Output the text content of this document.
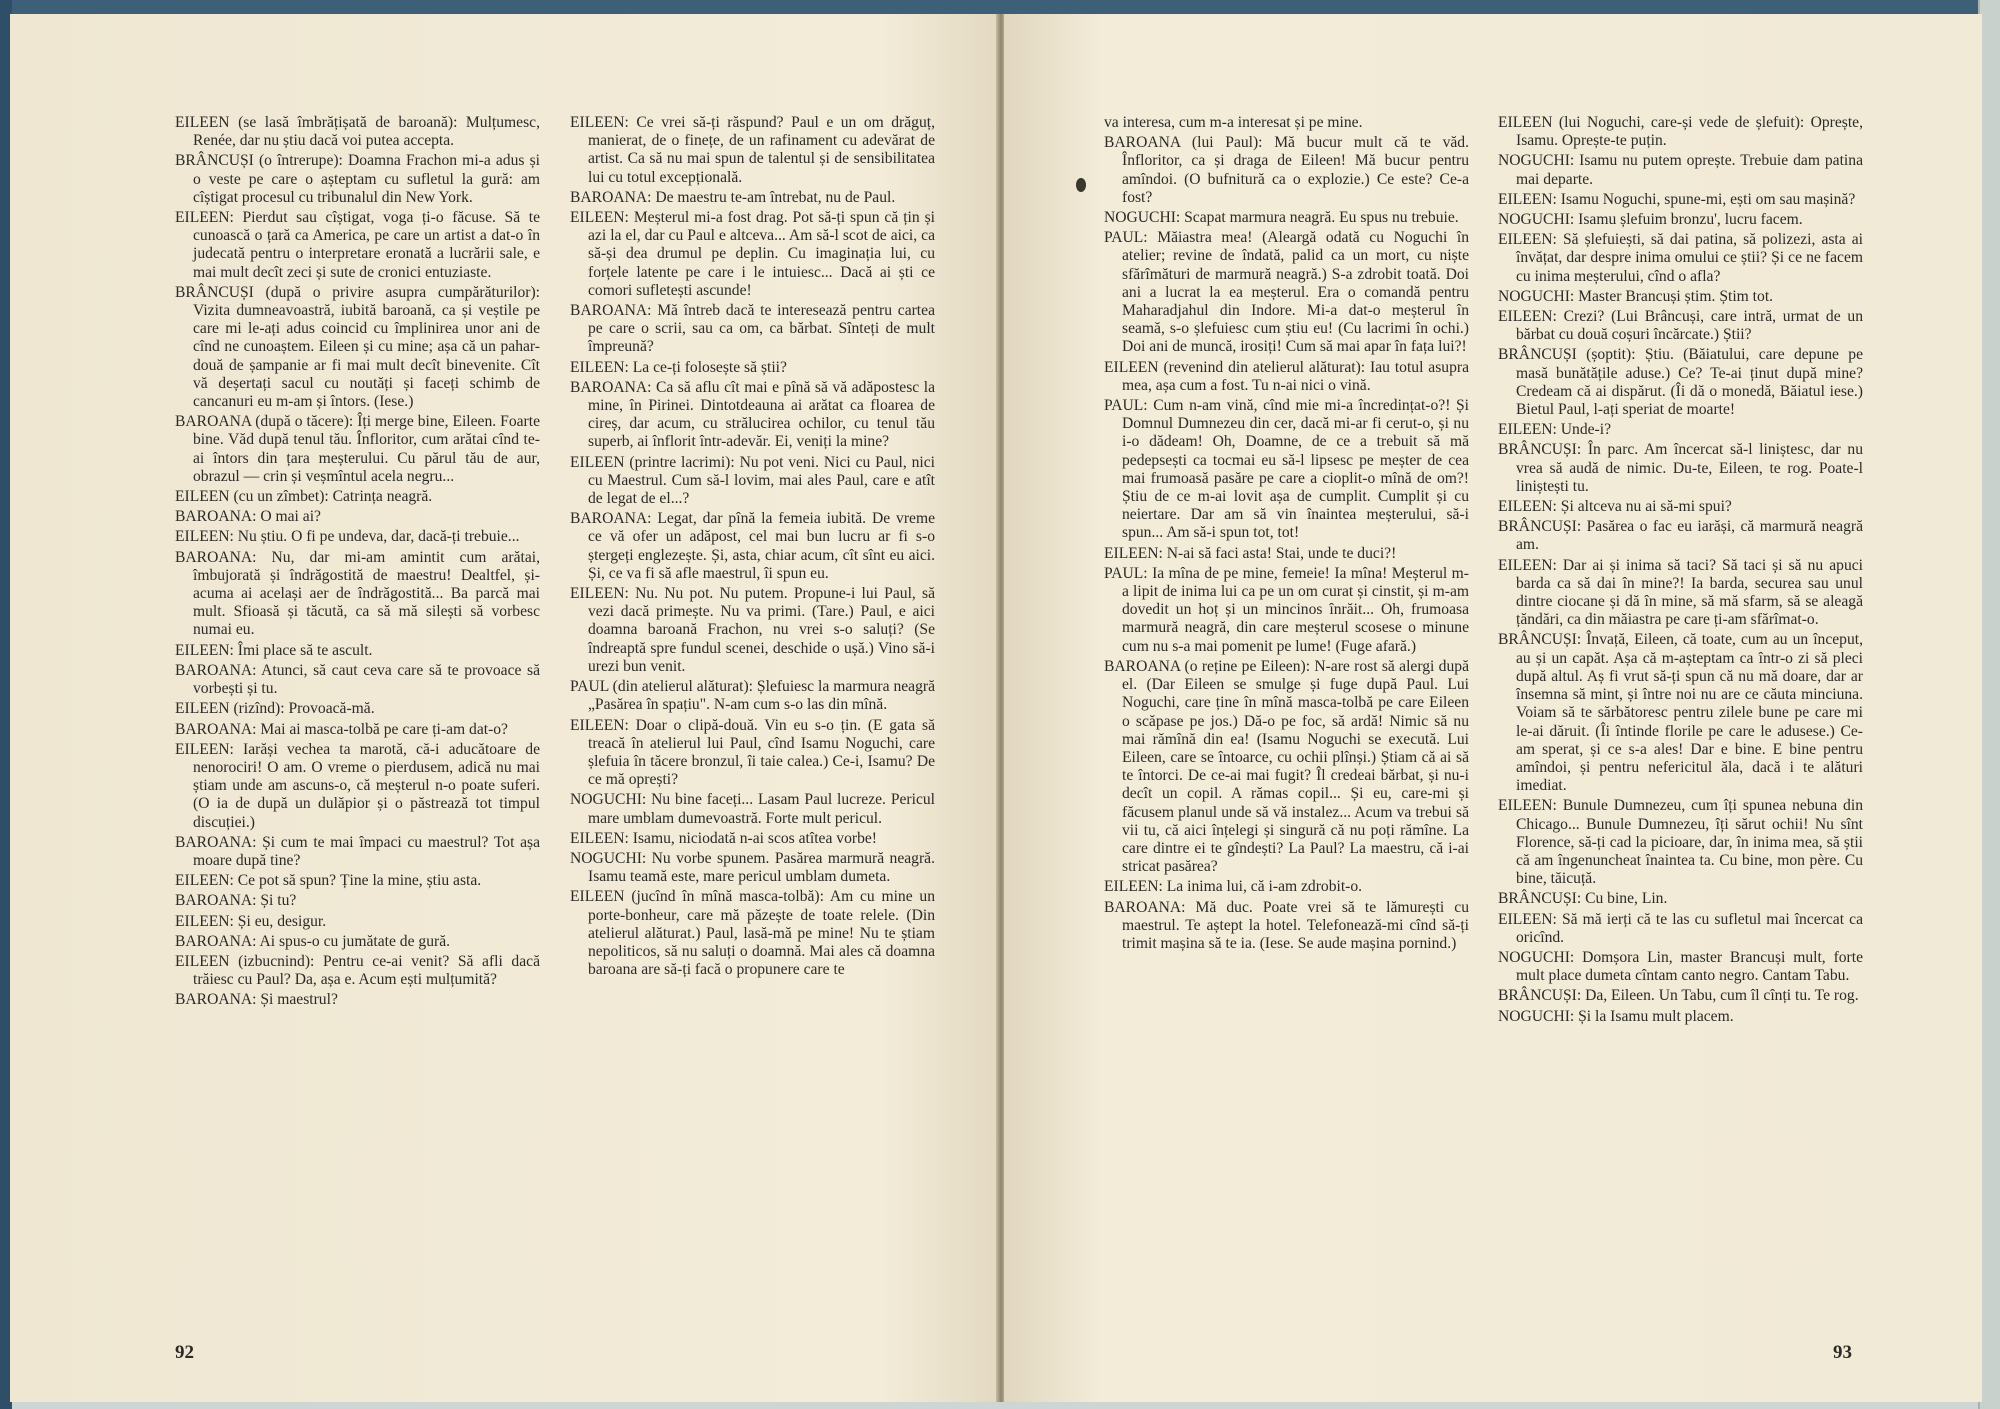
EILEEN (se lasă îmbrățișată de baroană): Mulțumesc, Renée, dar nu știu dacă voi putea accepta.

BRÂNCUȘI (o întrerupe): Doamna Frachon mi-a adus și o veste pe care o așteptam cu sufletul la gură: am cîștigat procesul cu tribunalul din New York.

EILEEN: Pierdut sau cîștigat, voga ți-o făcuse. Să te cunoască o țară ca America, pe care un artist a dat-o în judecată pentru o interpretare eronată a lucrării sale, e mai mult decît zeci și sute de cronici entuziaste.

BRÂNCUȘI (după o privire asupra cumpărăturilor): Vizita dumneavoastră, iubită baroană, ca și veștile pe care mi le-ați adus coincid cu împlinirea unor ani de cînd ne cunoaștem. Eileen și cu mine; așa că un pahar-două de șampanie ar fi mai mult decît binevenite. Cît vă deșertați sacul cu noutăți și faceți schimb de cancanuri eu m-am și întors. (Iese.)

BAROANA (după o tăcere): Îți merge bine, Eileen. Foarte bine. Văd după tenul tău. Înfloritor, cum arătai cînd te-ai întors din țara meșterului. Cu părul tău de aur, obrazul — crin și veșmîntul acela negru...

EILEEN (cu un zîmbet): Catrința neagră.

BAROANA: O mai ai?

EILEEN: Nu știu. O fi pe undeva, dar, dacă-ți trebuie...

BAROANA: Nu, dar mi-am amintit cum arătai, îmbujorată și îndrăgostită de maestru! Dealtfel, și-acuma ai același aer de îndrăgostită... Ba parcă mai mult. Sfioasă și tăcută, ca să mă silești să vorbesc numai eu.

EILEEN: Îmi place să te ascult.

BAROANA: Atunci, să caut ceva care să te provoace să vorbești și tu.

EILEEN (rizînd): Provoacă-mă.

BAROANA: Mai ai masca-tolbă pe care ți-am dat-o?

EILEEN: Iarăși vechea ta marotă, că-i aducătoare de nenorociri! O am. O vreme o pierdusem, adică nu mai știam unde am ascuns-o, că meșterul n-o poate suferi. (O ia de după un dulăpior și o păstrează tot timpul discuției.)

BAROANA: Și cum te mai împaci cu maestrul? Tot așa moare după tine?

EILEEN: Ce pot să spun? Ține la mine, știu asta.

BAROANA: Și tu?

EILEEN: Și eu, desigur.

BAROANA: Ai spus-o cu jumătate de gură.

EILEEN (izbucnind): Pentru ce-ai venit? Să afli dacă trăiesc cu Paul? Da, așa e. Acum ești mulțumită?

BAROANA: Și maestrul?

EILEEN: Ce vrei să-ți răspund? Paul e un om drăguț, manierat, de o finețe, de un rafinament cu adevărat de artist. Ca să nu mai spun de talentul și de sensibilitatea lui cu totul excepțională.

BAROANA: De maestru te-am întrebat, nu de Paul.

EILEEN: Meșterul mi-a fost drag. Pot să-ți spun că țin și azi la el, dar cu Paul e altceva... Am să-l scot de aici, ca să-și dea drumul pe deplin. Cu imaginația lui, cu forțele latente pe care i le intuiesc... Dacă ai ști ce comori sufletești ascunde!

BAROANA: Mă întreb dacă te interesează pentru cartea pe care o scrii, sau ca om, ca bărbat. Sînteți de mult împreună?

EILEEN: La ce-ți folosește să știi?

BAROANA: Ca să aflu cît mai e pînă să vă adăpostesc la mine, în Pirinei. Dintotdeauna ai arătat ca floarea de cireș, dar acum, cu strălucirea ochilor, cu tenul tău superb, ai înflorit într-adevăr. Ei, veniți la mine?

EILEEN (printre lacrimi): Nu pot veni. Nici cu Paul, nici cu Maestrul. Cum să-l lovim, mai ales Paul, care e atît de legat de el...?

BAROANA: Legat, dar pînă la femeia iubită. De vreme ce vă ofer un adăpost, cel mai bun lucru ar fi s-o ștergeți englezește. Și, asta, chiar acum, cît sînt eu aici. Și, ce va fi să afle maestrul, îi spun eu.

EILEEN: Nu. Nu pot. Nu putem. Propune-i lui Paul, să vezi dacă primește. Nu va primi. (Tare.) Paul, e aici doamna baroană Frachon, nu vrei s-o saluți? (Se îndreaptă spre fundul scenei, deschide o ușă.) Vino să-i urezi bun venit.

PAUL (din atelierul alăturat): Șlefuiesc la marmura neagră „Pasărea în spațiu". N-am cum s-o las din mînă.

EILEEN: Doar o clipă-două. Vin eu s-o țin. (E gata să treacă în atelierul lui Paul, cînd Isamu Noguchi, care șlefuia în tăcere bronzul, îi taie calea.) Ce-i, Isamu? De ce mă oprești?

NOGUCHI: Nu bine faceți... Lasam Paul lucreze. Pericul mare umblam dumevoastră. Forte mult pericul.

EILEEN: Isamu, niciodată n-ai scos atîtea vorbe!

NOGUCHI: Nu vorbe spunem. Pasărea marmură neagră. Isamu teamă este, mare pericul umblam dumeta.

EILEEN (jucînd în mînă masca-tolbă): Am cu mine un porte-bonheur, care mă păzește de toate relele. (Din atelierul alăturat.) Paul, lasă-mă pe mine! Nu te știam nepoliticos, să nu saluți o doamnă. Mai ales că doamna baroana are să-ți facă o propunere care te

92

va interesa, cum m-a interesat și pe mine.

BAROANA (lui Paul): Mă bucur mult că te văd. Înfloritor, ca și draga de Eileen! Mă bucur pentru amîndoi. (O bufnitură ca o explozie.) Ce este? Ce-a fost?

NOGUCHI: Scapat marmura neagră. Eu spus nu trebuie.

PAUL: Măiastra mea! (Aleargă odată cu Noguchi în atelier; revine de îndată, palid ca un mort, cu niște sfărîmături de marmură neagră.) S-a zdrobit toată. Doi ani a lucrat la ea meșterul. Era o comandă pentru Maharadjahul din Indore. Mi-a dat-o meșterul în seamă, s-o șlefuiesc cum știu eu! (Cu lacrimi în ochi.) Doi ani de muncă, irosiți! Cum să mai apar în fața lui?!

EILEEN (revenind din atelierul alăturat): Iau totul asupra mea, așa cum a fost. Tu n-ai nici o vină.

PAUL: Cum n-am vină, cînd mie mi-a încredințat-o?! Și Domnul Dumnezeu din cer, dacă mi-ar fi cerut-o, și nu i-o dădeam! Oh, Doamne, de ce a trebuit să mă pedepsești ca tocmai eu să-l lipsesc pe meșter de cea mai frumoasă pasăre pe care a cioplit-o mînă de om?! Știu de ce m-ai lovit așa de cumplit. Cumplit și cu neiertare. Dar am să vin înaintea meșterului, să-i spun... Am să-i spun tot, tot!

EILEEN: N-ai să faci asta! Stai, unde te duci?!

PAUL: Ia mîna de pe mine, femeie! Ia mîna! Meșterul m-a lipit de inima lui ca pe un om curat și cinstit, și m-am dovedit un hoț și un mincinos înrăit... Oh, frumoasa marmură neagră, din care meșterul scosese o minune cum nu s-a mai pomenit pe lume! (Fuge afară.)

BAROANA (o reține pe Eileen): N-are rost să alergi după el. (Dar Eileen se smulge și fuge după Paul. Lui Noguchi, care ține în mînă masca-tolbă pe care Eileen o scăpase pe jos.) Dă-o pe foc, să ardă! Nimic să nu mai rămînă din ea! (Isamu Noguchi se execută. Lui Eileen, care se întoarce, cu ochii plînși.) Știam că ai să te întorci. De ce-ai mai fugit? Îl credeai bărbat, și nu-i decît un copil. A rămas copil... Și eu, care-mi și făcusem planul unde să vă instalez... Acum va trebui să vii tu, că aici înțelegi și singură că nu poți rămîne. La care dintre ei te gîndești? La Paul? La maestru, că i-ai stricat pasărea?

EILEEN: La inima lui, că i-am zdrobit-o.

BAROANA: Mă duc. Poate vrei să te lămurești cu maestrul. Te aștept la hotel. Telefonează-mi cînd să-ți trimit mașina să te ia. (Iese. Se aude mașina pornind.)

EILEEN (lui Noguchi, care-și vede de șlefuit): Oprește, Isamu. Oprește-te puțin.

NOGUCHI: Isamu nu putem oprește. Trebuie dam patina mai departe.

EILEEN: Isamu Noguchi, spune-mi, ești om sau mașină?

NOGUCHI: Isamu șlefuim bronzu', lucru facem.

EILEEN: Să șlefuiești, să dai patina, să polizezi, asta ai învățat, dar despre inima omului ce știi? Și ce ne facem cu inima meșterului, cînd o afla?

NOGUCHI: Master Brancuși știm. Știm tot.

EILEEN: Crezi? (Lui Brâncuși, care intră, urmat de un bărbat cu două coșuri încărcate.) Știi?

BRÂNCUȘI (șoptit): Știu. (Băiatului, care depune pe masă bunătățile aduse.) Ce? Te-ai ținut după mine? Credeam că ai dispărut. (Îi dă o monedă, Băiatul iese.) Bietul Paul, l-ați speriat de moarte!

EILEEN: Unde-i?

BRÂNCUȘI: În parc. Am încercat să-l liniștesc, dar nu vrea să audă de nimic. Du-te, Eileen, te rog. Poate-l liniștești tu.

EILEEN: Și altceva nu ai să-mi spui?

BRÂNCUȘI: Pasărea o fac eu iarăși, că marmură neagră am.

EILEEN: Dar ai și inima să taci? Să taci și să nu apuci barda ca să dai în mine?! Ia barda, securea sau unul dintre ciocane și dă în mine, să mă sfarm, să se aleagă țăndări, ca din măiastra pe care ți-am sfărîmat-o.

BRÂNCUȘI: Învață, Eileen, că toate, cum au un început, au și un capăt. Așa că m-așteptam ca într-o zi să pleci după altul. Aș fi vrut să-ți spun că nu mă doare, dar ar însemna să mint, și între noi nu are ce căuta minciuna. Voiam să te sărbătoresc pentru zilele bune pe care mi le-ai dăruit. (Îi întinde florile pe care le adusese.) Ce-am sperat, și ce s-a ales! Dar e bine. E bine pentru amîndoi, și pentru nefericitul ăla, dacă i te alături imediat.

EILEEN: Bunule Dumnezeu, cum îți spunea nebuna din Chicago... Bunule Dumnezeu, îți sărut ochii! Nu sînt Florence, să-ți cad la picioare, dar, în inima mea, să știi că am îngenuncheat înaintea ta. Cu bine, mon père. Cu bine, tăicuță.

BRÂNCUȘI: Cu bine, Lin.

EILEEN: Să mă ierți că te las cu sufletul mai încercat ca oricînd.

NOGUCHI: Domșora Lin, master Brancuși mult, forte mult place dumeta cîntam canto negro. Cantam Tabu.

BRÂNCUȘI: Da, Eileen. Un Tabu, cum îl cînți tu. Te rog.

NOGUCHI: Și la Isamu mult placem.

93
